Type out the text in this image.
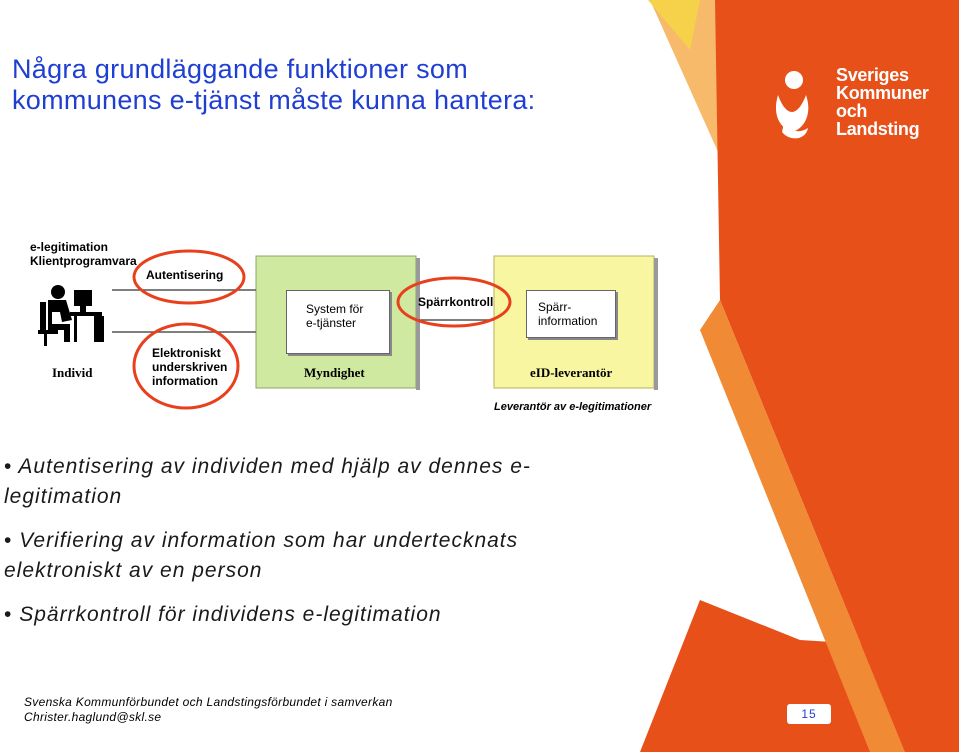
Några grundläggande funktioner som
kommunens e-tjänst måste kunna hantera:
Sveriges
Kommuner
och Landsting
e-legitimation
Klientprogramvara
Autentisering
Elektroniskt
underskriven
information
Individ
System för
e-tjänster
Myndighet
Spärrkontroll	Spärr-
information
eID-leverantör
Leverantör av e-legitimationer
• Autentisering av individen med hjälp av dennes e-
legitimation
• Verifiering av information som har undertecknats
elektroniskt av en person
• Spärrkontroll för individens e-legitimation
Svenska Kommunförbundet och Landstingsförbundet i samverkan
Christer.haglund@skl.se	15
